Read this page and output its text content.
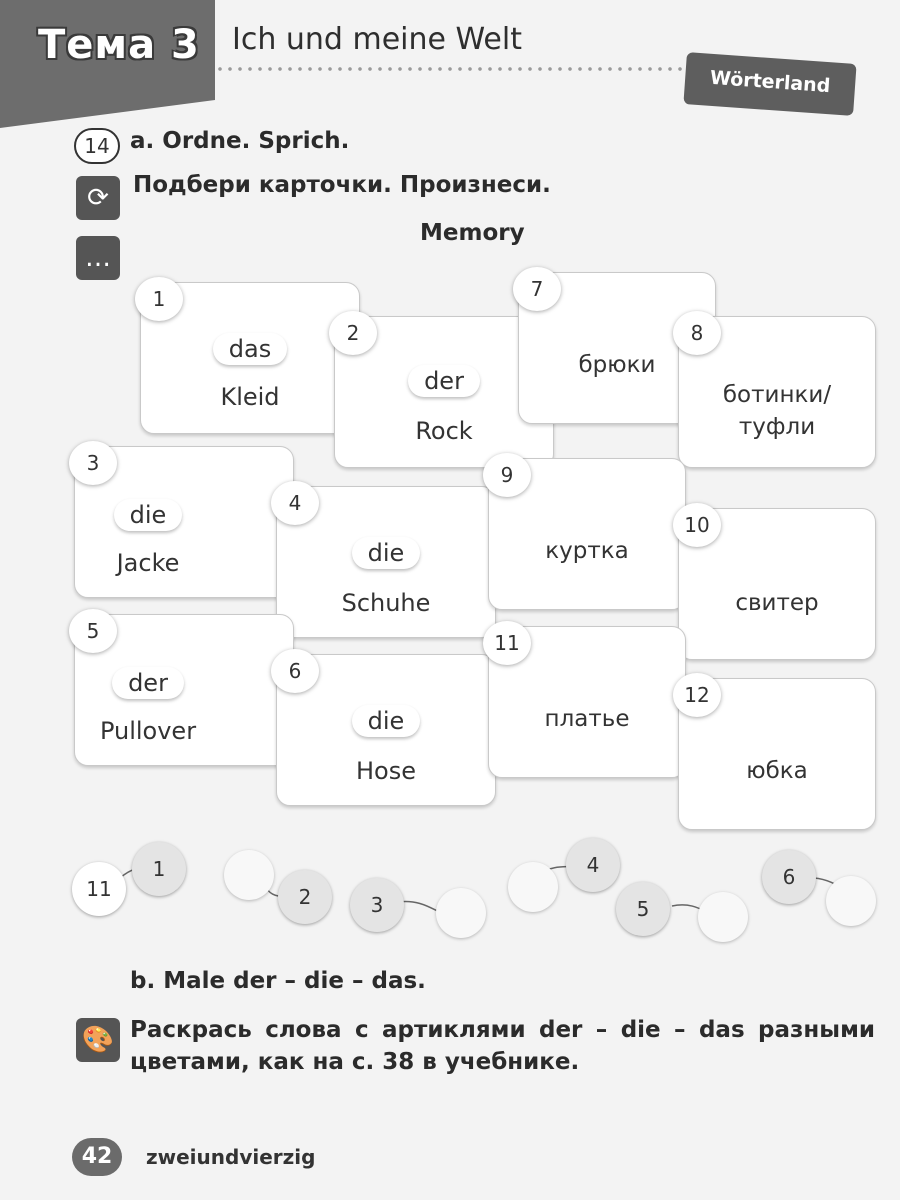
Тема 3 Ich und meine Welt
Wörterland
14 a. Ordne. Sprich.
⟳	Подбери карточки. Произнеси.
…
Memory
1
das
Kleid
2
der
Rock
3
die
Jacke
4
die
Schuhe
5
der
Pullover
6
die
Hose
7
брюки
8
ботинки/
туфли
9
куртка
10
свитер
11
платье
12
юбка
11
1
2	3
4
5
6
b. Male der – die – das.
🎨 Раскрась слова с артиклями der – die – das разными цветами, как на с. 38 в учебнике.
42	zweiundvierzig
